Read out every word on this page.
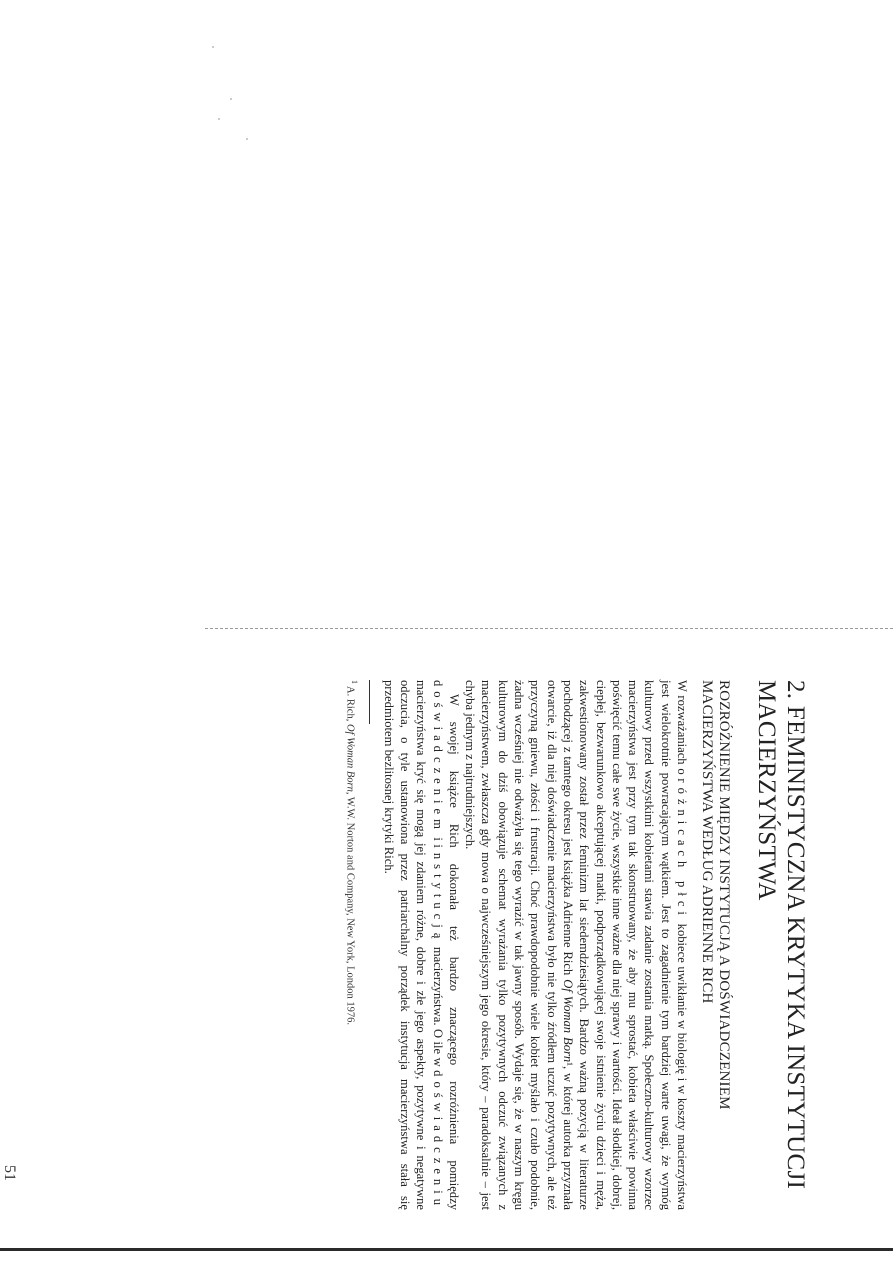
2. FEMINISTYCZNA KRYTYKA INSTYTUCJI MACIERZYŃSTWA
ROZRÓŻNIENIE MIĘDZY INSTYTUCJĄ A DOŚWIADCZENIEM MACIERZYŃSTWA WEDŁUG ADRIENNE RICH

W rozważaniach o różnicach płci kobiece uwikłanie w biologię i w koszty macierzyństwa jest wielokrotnie powracającym wątkiem. Jest to zagadnienie tym bardziej warte uwagi, że wymóg kulturowy przed wszystkimi kobietami stawia zadanie zostania matką. Społeczno-kulturowy wzorzec macierzyństwa jest przy tym tak skonstruowany, że aby mu sprostać, kobieta właściwie powinna poświęcić temu całe swe życie, wszystkie inne ważne dla niej sprawy i wartości. Ideał słodkiej, dobrej, ciepłej, bezwarunkowo akceptującej matki, podporządkowującej swoje istnienie życiu dzieci i męża, zakwestionowany został przez feminizm lat siedemdziesiątych. Bardzo ważną pozycją w literaturze pochodzącej z tamtego okresu jest książka Adrienne Rich Of Woman Born¹, w której autorka przyznała otwarcie, iż dla niej doświadczenie macierzyństwa było nie tylko źródłem uczuć pozytywnych, ale też przyczyną gniewu, złości i frustracji. Choć prawdopodobnie wiele kobiet myślało i czuło podobnie, żadna wcześniej nie odważyła się tego wyrazić w tak jawny sposób. Wydaje się, że w naszym kręgu kulturowym do dziś obowiązuje schemat wyrażania tylko pozytywnych odczuć związanych z macierzyństwem, zwłaszcza gdy mowa o najwcześniejszym jego okresie, który – paradoksalnie – jest chyba jednym z najtrudniejszych.

W swojej książce Rich dokonała też bardzo znaczącego rozróżnienia pomiędzy doświadczeniem i instytucją macierzyństwa. O ile w doświadczeniu macierzyństwa kryć się mogą jej zdaniem różne, dobre i złe jego aspekty, pozytywne i negatywne odczucia, o tyle ustanowiona przez patriarchalny porządek instytucja macierzyństwa stała się przedmiotem bezlitosnej krytyki Rich.

$^1$ A. Rich, Of Woman Born, W.W. Norton and Company, New York, London 1976.
51
